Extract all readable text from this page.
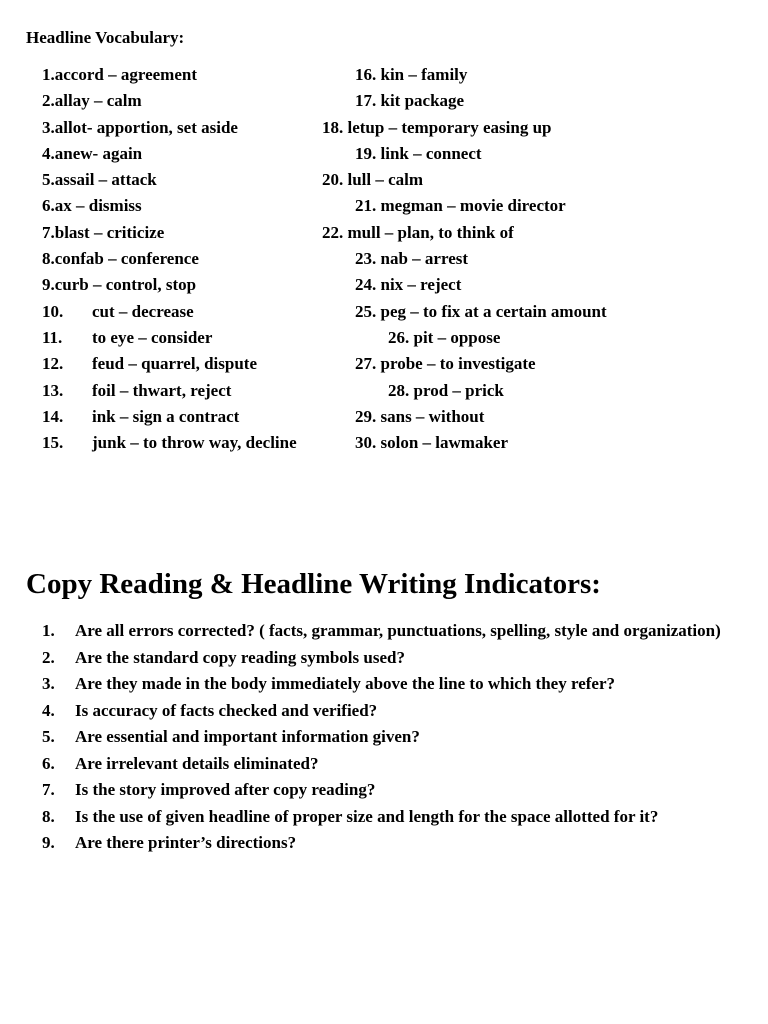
Headline Vocabulary:
1. accord – agreement
2. allay – calm
3. allot- apportion, set aside
4. anew- again
5. assail – attack
6. ax – dismiss
7. blast – criticize
8. confab – conference
9. curb – control, stop
10.	cut – decrease
11.	to eye – consider
12.	feud – quarrel, dispute
13.	foil – thwart, reject
14.	ink – sign a contract
15.	junk – to throw way, decline
16. kin – family
17. kit package
18. letup – temporary easing up
19. link – connect
20. lull – calm
21. megman – movie director
22. mull – plan, to think of
23. nab – arrest
24. nix – reject
25. peg – to fix at a certain amount
26. pit – oppose
27. probe – to investigate
28. prod – prick
29. sans – without
30. solon – lawmaker
Copy Reading & Headline Writing Indicators:
1.	Are all errors corrected? ( facts, grammar, punctuations, spelling, style and organization)
2.	Are the standard copy reading symbols used?
3.	Are they made in the body immediately above the line to which they refer?
4.	Is accuracy of facts checked and verified?
5.	Are essential and important information given?
6.	Are irrelevant details eliminated?
7.	Is the story improved after copy reading?
8.	Is the use of given headline of proper size and length for the space allotted for it?
9.	Are there printer’s directions?
